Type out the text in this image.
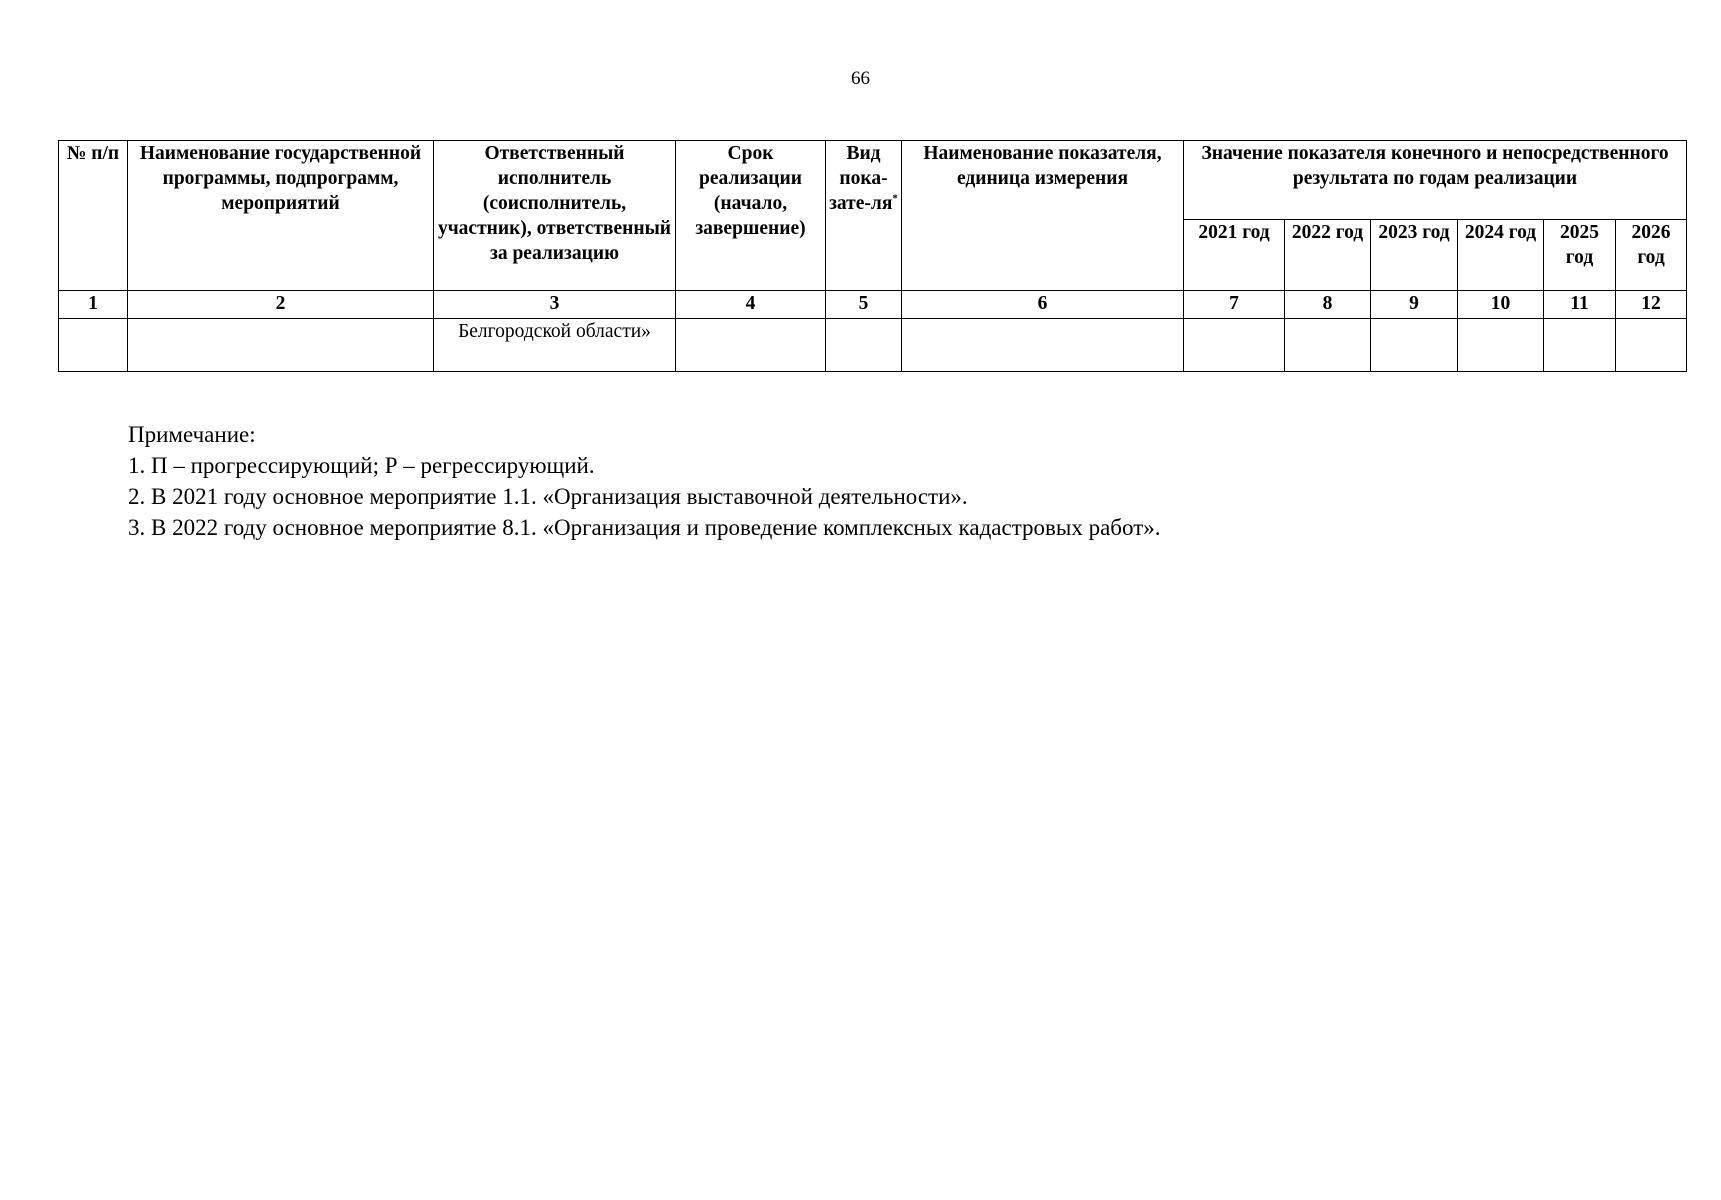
66
№ п/п	Наименование государственной программы, подпрограмм, мероприятий	Ответственный исполнитель (соисполнитель, участник), ответственный за реализацию	Срок реализации (начало, завершение)	Вид пока-зате-ля*	Наименование показателя, единица измерения	Значение показателя конечного и непосредственного результата по годам реализации					
						2021 год	2022 год	2023 год	2024 год	2025 год	2026 год
1	2	3	4	5	6	7	8	9	10	11	12
		Белгородской области»									
Примечание:
1. П – прогрессирующий; Р – регрессирующий.
2. В 2021 году основное мероприятие 1.1. «Организация выставочной деятельности».
3. В 2022 году основное мероприятие 8.1. «Организация и проведение комплексных кадастровых работ».
